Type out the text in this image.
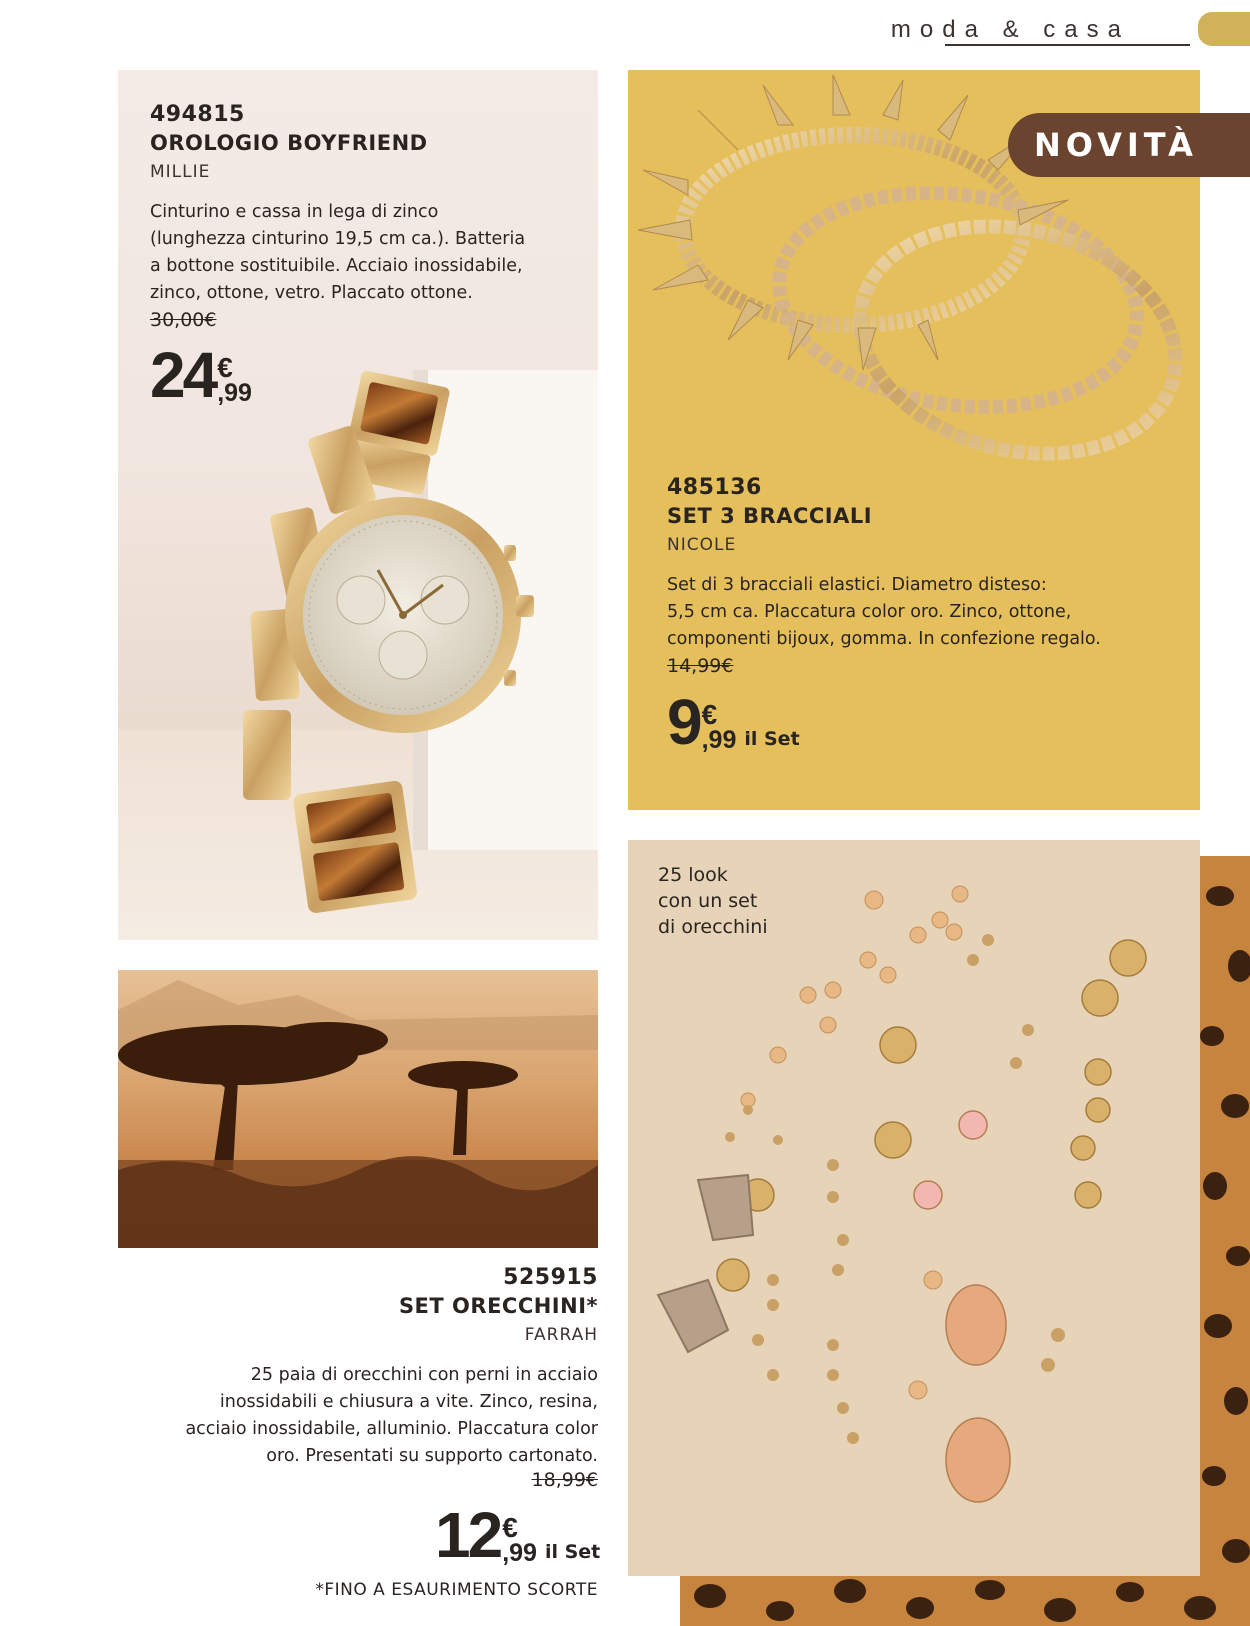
moda & casa
494815
OROLOGIO BOYFRIEND
MILLIE
Cinturino e cassa in lega di zinco
(lunghezza cinturino 19,5 cm ca.). Batteria
a bottone sostituibile. Acciaio inossidabile,
zinco, ottone, vetro. Placcato ottone.
30,00€
24 €
,99
NOVITÀ
485136
SET 3 BRACCIALI
NICOLE
Set di 3 bracciali elastici. Diametro disteso:
5,5 cm ca. Placcatura color oro. Zinco, ottone,
componenti bijoux, gomma. In confezione regalo.
14,99€
9 €
,99 il Set
525915
SET ORECCHINI*
FARRAH
25 paia di orecchini con perni in acciaio
inossidabili e chiusura a vite. Zinco, resina,
acciaio inossidabile, alluminio. Placcatura color
oro. Presentati su supporto cartonato.
18,99€
12 €
,99 il Set
*FINO A ESAURIMENTO SCORTE
25 look
con un set
di orecchini
